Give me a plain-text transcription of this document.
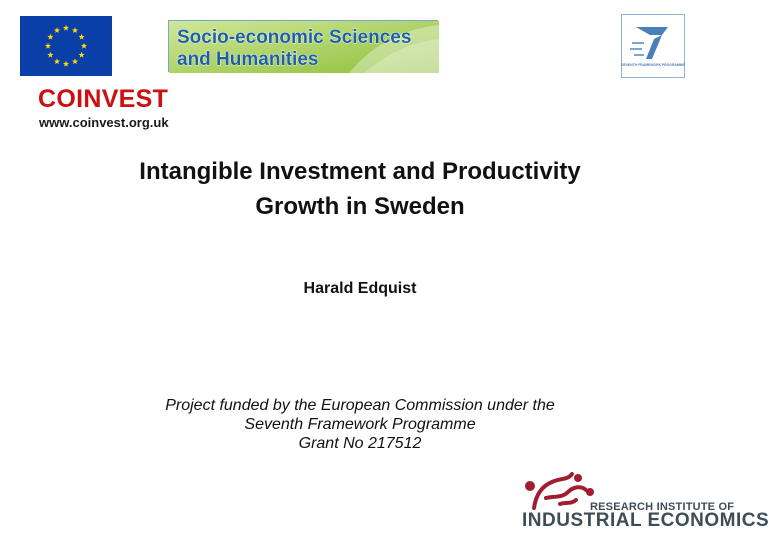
Socio-economic Sciences
and Humanities	SEVENTH FRAMEWORK PROGRAMME
COINVEST
www.coinvest.org.uk
Intangible Investment and Productivity
Growth in Sweden
Harald Edquist
Project funded by the European Commission under the
Seventh Framework Programme
Grant No 217512
RESEARCH INSTITUTE OF
INDUSTRIAL ECONOMICS
